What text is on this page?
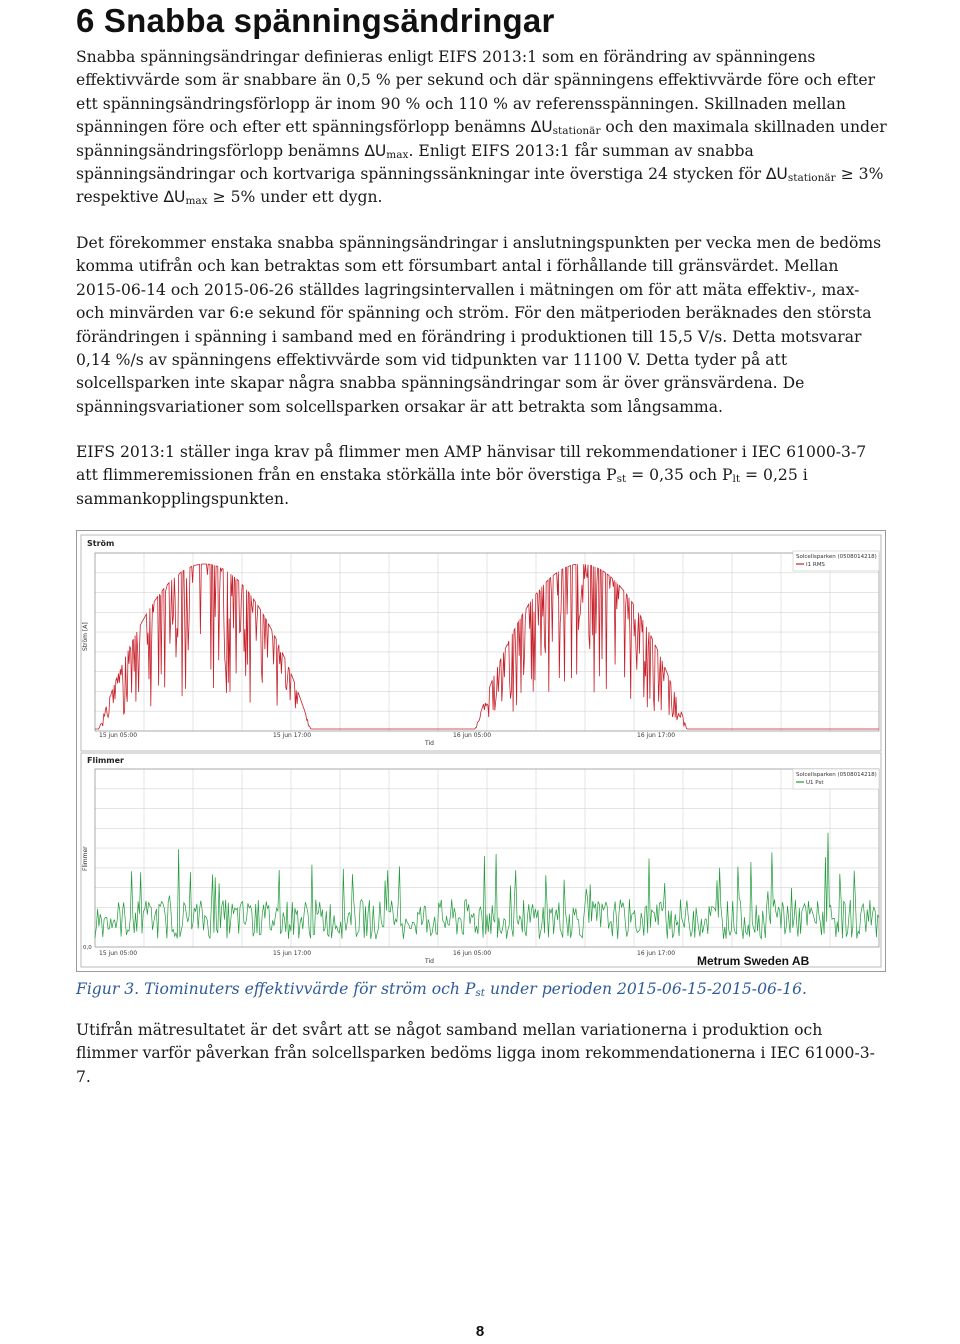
6 Snabba spänningsändringar

Snabba spänningsändringar definieras enligt EIFS 2013:1 som en förändring av spänningens effektivvärde som är snabbare än 0,5 % per sekund och där spänningens effektivvärde före och efter ett spänningsändringsförlopp är inom 90 % och 110 % av referensspänningen. Skillnaden mellan spänningen före och efter ett spänningsförlopp benämns $\Delta U_{stationär}$ och den maximala skillnaden under spänningsändringsförlopp benämns $\Delta U_{max}$. Enligt EIFS 2013:1 får summan av snabba spänningsändringar och kortvariga spänningssänkningar inte överstiga 24 stycken för $\Delta U_{stationär} \ge 3\%$ respektive $\Delta U_{max} \ge 5\%$ under ett dygn.

Det förekommer enstaka snabba spänningsändringar i anslutningspunkten per vecka men de bedöms komma utifrån och kan betraktas som ett försumbart antal i förhållande till gränsvärdet. Mellan 2015-06-14 och 2015-06-26 ställdes lagringsintervallen i mätningen om för att mäta effektiv-, max- och minvärden var 6:e sekund för spänning och ström. För den mätperioden beräknades den största förändringen i spänning i samband med en förändring i produktionen till 15,5 V/s. Detta motsvarar 0,14 %/s av spänningens effektivvärde som vid tidpunkten var 11100 V. Detta tyder på att solcellsparken inte skapar några snabba spänningsändringar som är över gränsvärdena. De spänningsvariationer som solcellsparken orsakar är att betrakta som långsamma.

EIFS 2013:1 ställer inga krav på flimmer men AMP hänvisar till rekommendationer i IEC 61000-3-7 att flimmeremissionen från en enstaka störkälla inte bör överstiga $P_{st} = 0,35$ och $P_{lt} = 0,25$ i sammankopplingspunkten.

Ström
Ström [A]
15 jun 05:00	15 jun 17:00	16 jun 05:00	16 jun 17:00
Tid
Solcellsparken (0508014218)
I1 RMS
Flimmer
Flimmer
0,0
15 jun 05:00	15 jun 17:00	16 jun 05:00	16 jun 17:00
Tid
Solcellsparken (0508014218)
U1 Pst
Metrum Sweden AB
Figur 3. Tiominuters effektivvärde för ström och $P_{st}$ under perioden 2015-06-15-2015-06-16.

Utifrån mätresultatet är det svårt att se något samband mellan variationerna i produktion och flimmer varför påverkan från solcellsparken bedöms ligga inom rekommendationerna i IEC 61000-3-7.

8
